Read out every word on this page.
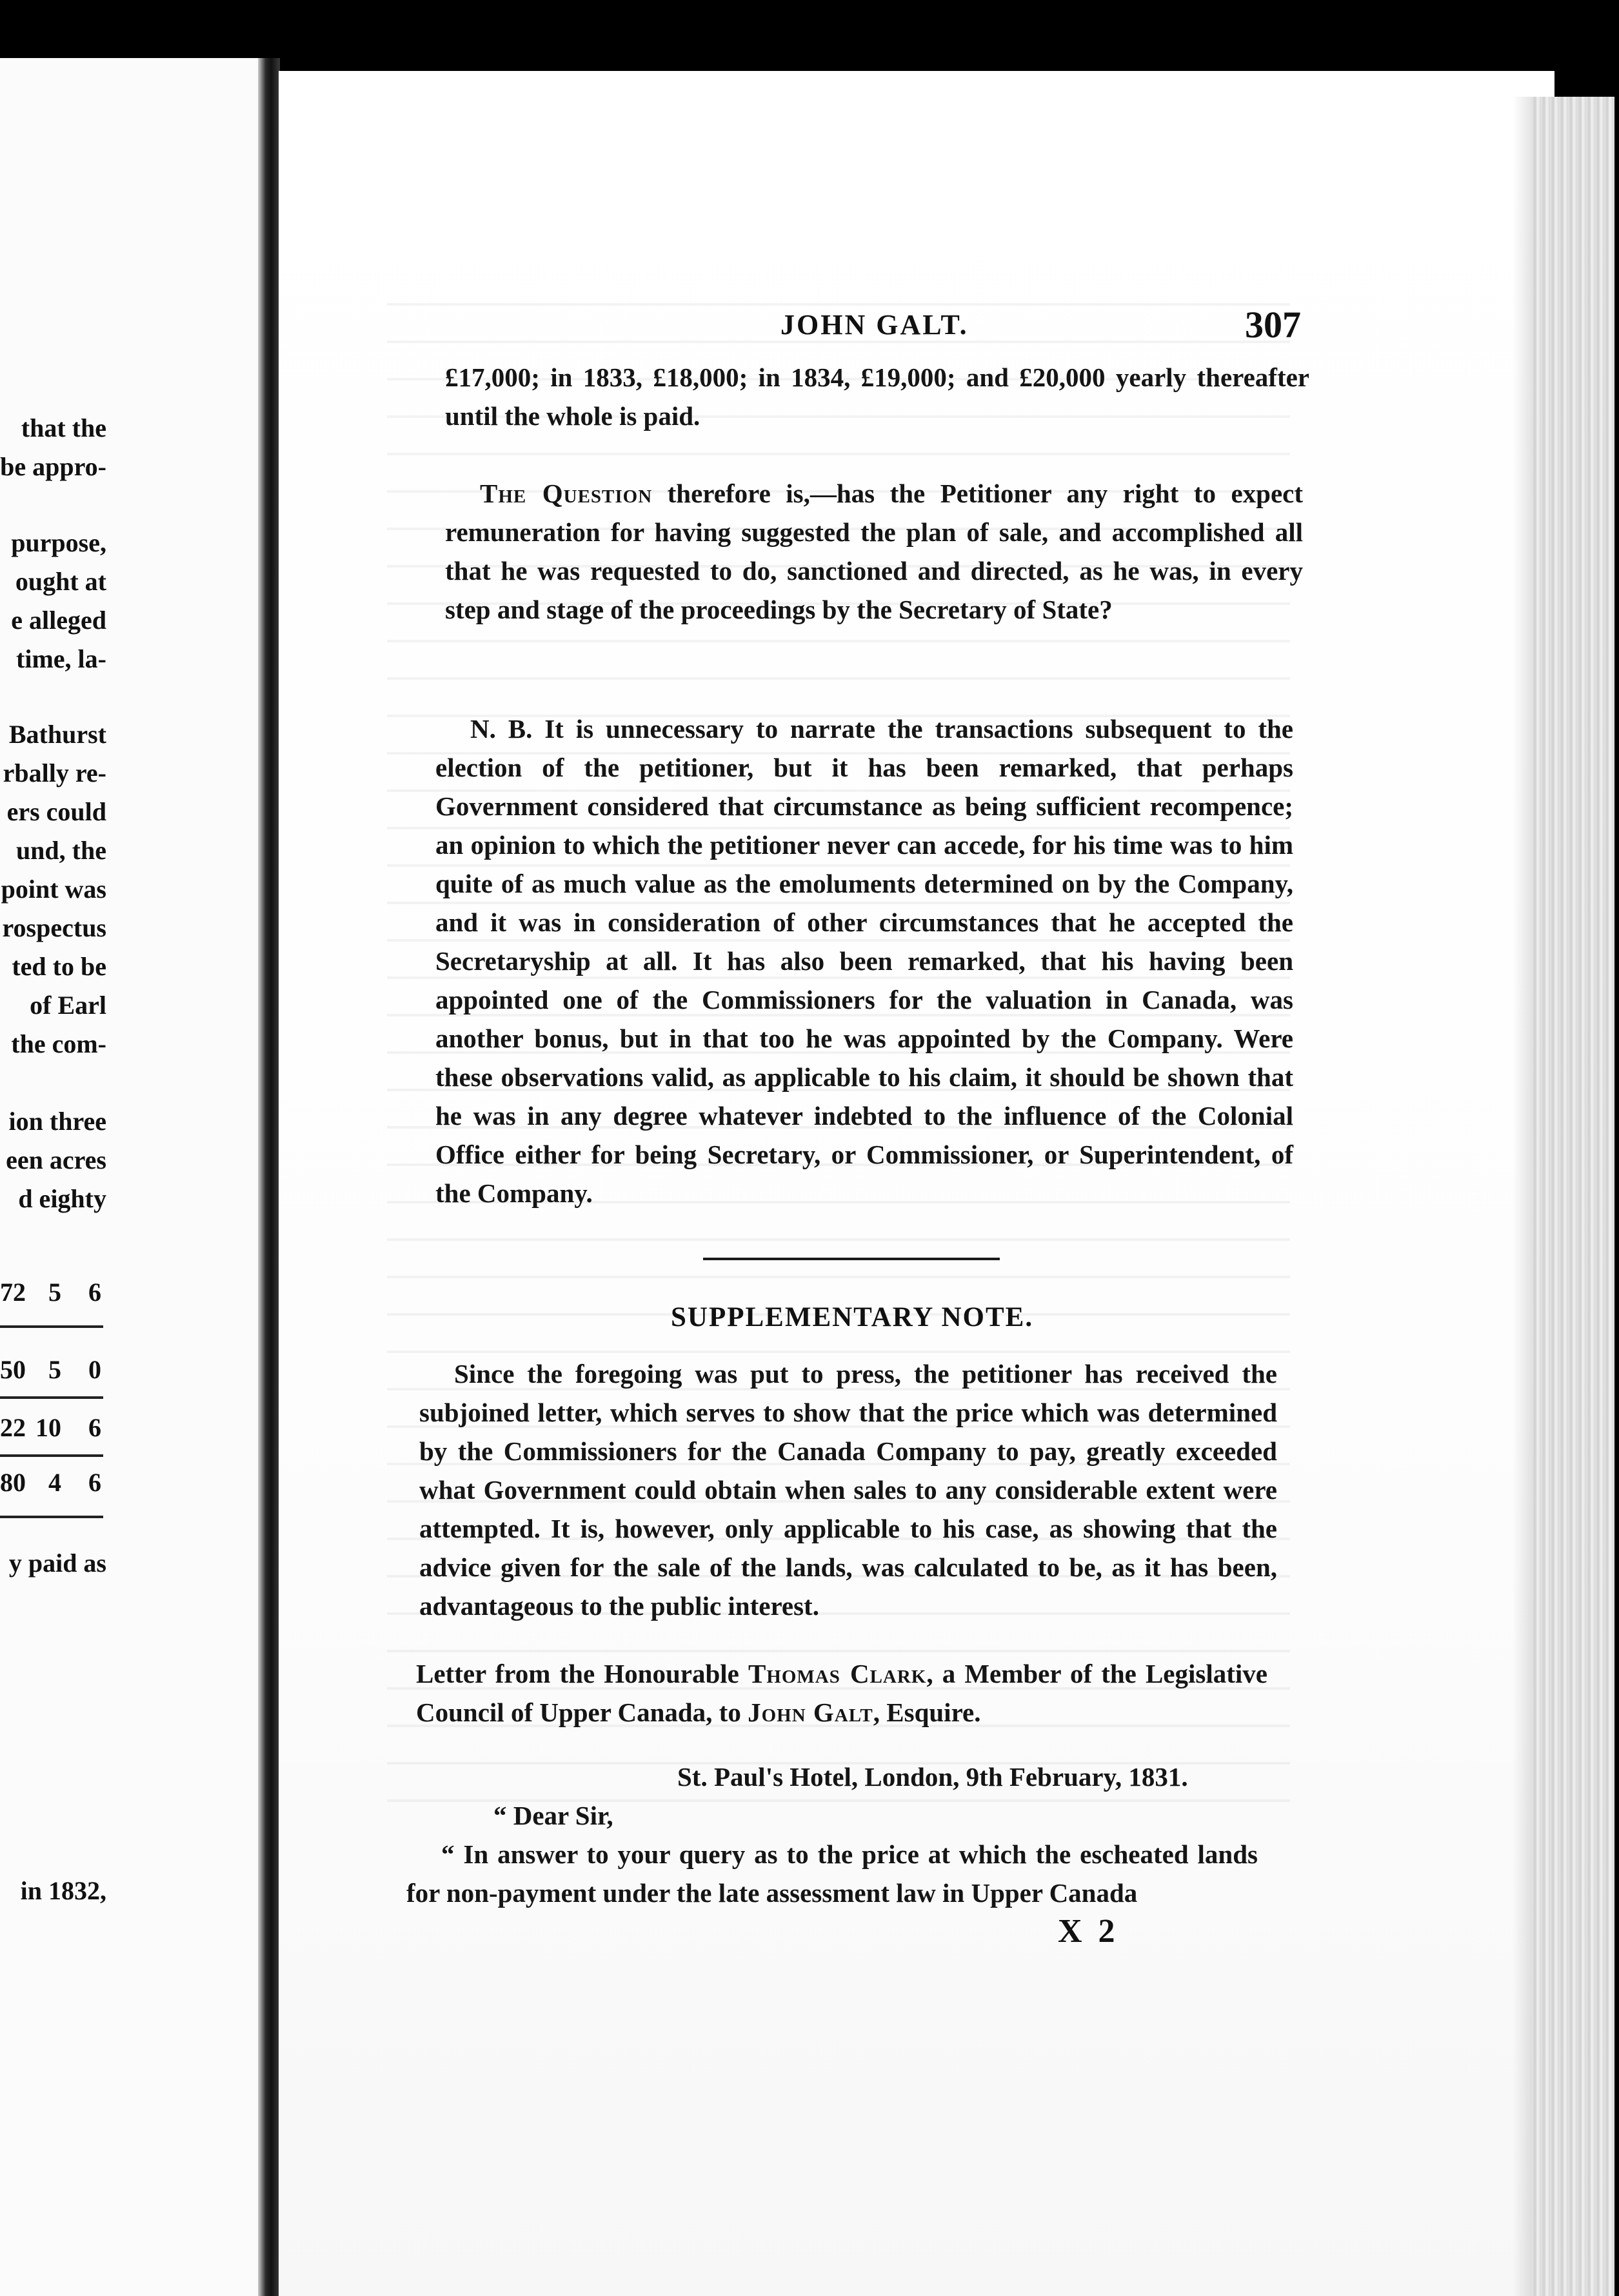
that the
be appro-
purpose,
ought at
e alleged
time, la-
Bathurst
rbally re-
ers could
und, the
point was
rospectus
ted to be
of Earl
the com-
ion three
een acres
d eighty
72 5	6
50 5	0
22 10	6
80 4	6
y paid as
in 1832,
JOHN GALT.	307

£17,000; in 1833, £18,000; in 1834, £19,000; and £20,000 yearly thereafter until the whole is paid.

The Question therefore is,—has the Petitioner any right to expect remuneration for having suggested the plan of sale, and accomplished all that he was requested to do, sanctioned and directed, as he was, in every step and stage of the proceedings by the Secretary of State?

N. B. It is unnecessary to narrate the transactions subsequent to the election of the petitioner, but it has been remarked, that perhaps Government considered that circumstance as being sufficient recompence; an opinion to which the petitioner never can accede, for his time was to him quite of as much value as the emoluments determined on by the Company, and it was in consideration of other circumstances that he accepted the Secretaryship at all. It has also been remarked, that his having been appointed one of the Commissioners for the valuation in Canada, was another bonus, but in that too he was appointed by the Company. Were these observations valid, as applicable to his claim, it should be shown that he was in any degree whatever indebted to the influence of the Colonial Office either for being Secretary, or Commissioner, or Superintendent, of the Company.

SUPPLEMENTARY NOTE.

Since the foregoing was put to press, the petitioner has received the subjoined letter, which serves to show that the price which was determined by the Commissioners for the Canada Company to pay, greatly exceeded what Government could obtain when sales to any considerable extent were attempted. It is, however, only applicable to his case, as showing that the advice given for the sale of the lands, was calculated to be, as it has been, advantageous to the public interest.

Letter from the Honourable Thomas Clark, a Member of the Legislative Council of Upper Canada, to John Galt, Esquire.

St. Paul's Hotel, London, 9th February, 1831.
“ Dear Sir,

“ In answer to your query as to the price at which the escheated lands for non-payment under the late assessment law in Upper Canada

X 2
